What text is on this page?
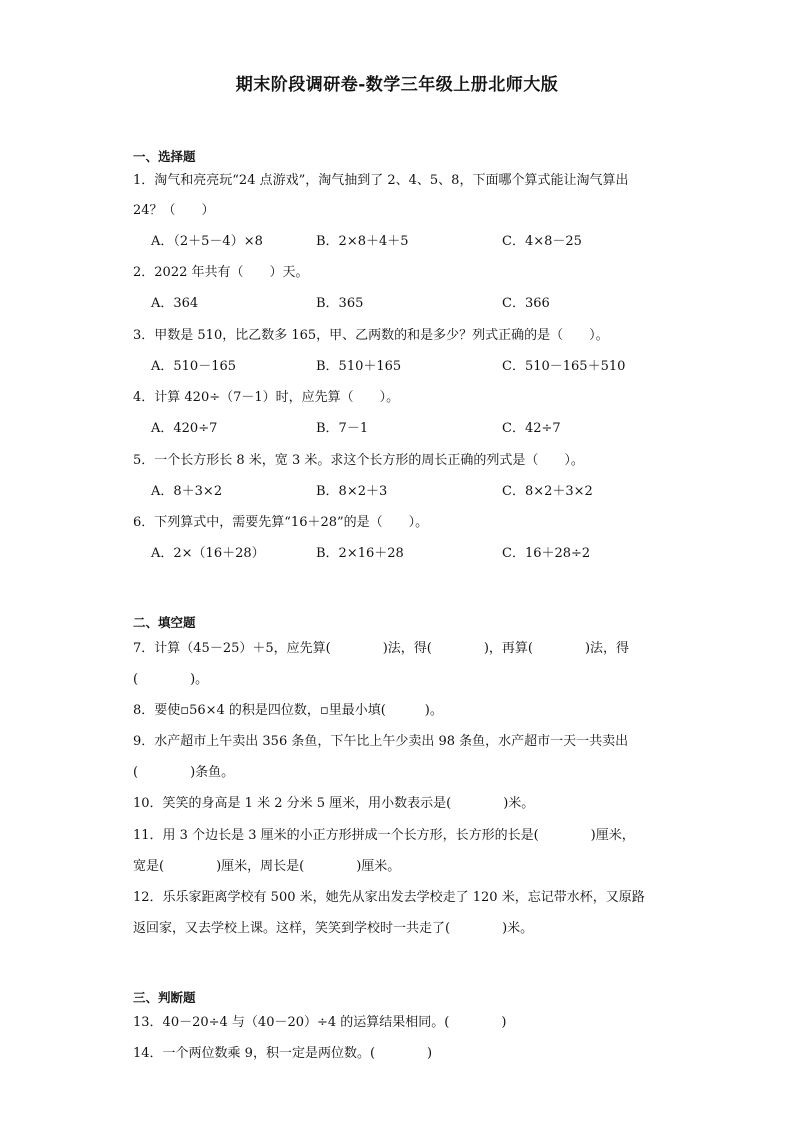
期末阶段调研卷-数学三年级上册北师大版
一、选择题
1．淘气和亮亮玩“24 点游戏”，淘气抽到了 2、4、5、8，下面哪个算式能让淘气算出
24？（　　）
A．（2＋5－4）×8	B．2×8＋4＋5	C．4×8－25
2．2022 年共有（　　）天。
A．364	B．365	C．366
3．甲数是 510，比乙数多 165，甲、乙两数的和是多少？列式正确的是（　　）。
A．510－165	B．510＋165	C．510－165＋510
4．计算 420÷（7－1）时，应先算（　　）。
A．420÷7	B．7－1	C．42÷7
5．一个长方形长 8 米，宽 3 米。求这个长方形的周长正确的列式是（　　）。
A．8＋3×2	B．8×2＋3	C．8×2＋3×2
6．下列算式中，需要先算“16＋28”的是（　　）。
A．2×（16＋28）	B．2×16＋28	C．16＋28÷2
二、填空题
7．计算（45－25）＋5，应先算(　　　　)法，得(　　　　)，再算(　　　　)法，得
(　　　　)。
8．要使▫56×4 的积是四位数，▫里最小填(　　　)。
9．水产超市上午卖出 356 条鱼，下午比上午少卖出 98 条鱼，水产超市一天一共卖出
(　　　　)条鱼。
10．笑笑的身高是 1 米 2 分米 5 厘米，用小数表示是(　　　　)米。
11．用 3 个边长是 3 厘米的小正方形拼成一个长方形，长方形的长是(　　　　)厘米，
宽是(　　　　)厘米，周长是(　　　　)厘米。
12．乐乐家距离学校有 500 米，她先从家出发去学校走了 120 米，忘记带水杯，又原路
返回家，又去学校上课。这样，笑笑到学校时一共走了(　　　　)米。
三、判断题
13．40－20÷4 与（40－20）÷4 的运算结果相同。(　　　　)
14．一个两位数乘 9，积一定是两位数。(　　　　)
